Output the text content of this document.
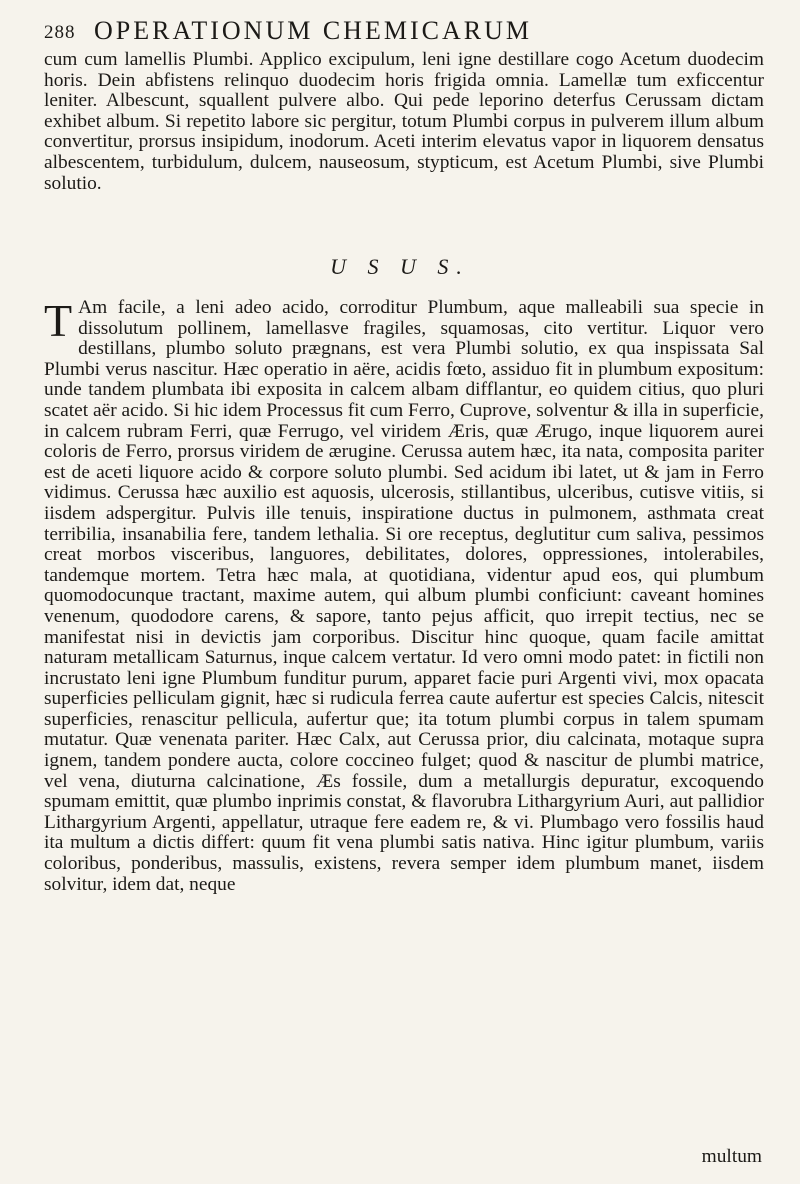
288 OPERATIONUM CHEMICARUM
cum cum lamellis Plumbi. Applico excipulum, leni igne destillare cogo Acetum duodecim horis. Dein abfistens relinquo duodecim horis frigida omnia. Lamellæ tum exficcentur leniter. Albescunt, squallent pulvere albo. Qui pede leporino deterfus Cerussam dictam exhibet album. Si repetito labore sic pergitur, totum Plumbi corpus in pulverem illum album convertitur, prorsus insipidum, inodorum. Aceti interim elevatus vapor in liquorem densatus albescentem, turbidulum, dulcem, nauseosum, stypticum, est Acetum Plumbi, sive Plumbi solutio.
U S U S.
T Am facile, a leni adeo acido, corroditur Plumbum, aque malleabili sua specie in dissolutum pollinem, lamellasve fragiles, squamosas, cito vertitur. Liquor vero destillans, plumbo soluto prægnans, est vera Plumbi solutio, ex qua inspissata Sal Plumbi verus nascitur. Hæc operatio in aëre, acidis fœto, assiduo fit in plumbum expositum: unde tandem plumbata ibi exposita in calcem albam difflantur, eo quidem citius, quo pluri scatet aër acido. Si hic idem Processus fit cum Ferro, Cuprove, solventur & illa in superficie, in calcem rubram Ferri, quæ Ferrugo, vel viridem Æris, quæ Ærugo, inque liquorem aurei coloris de Ferro, prorsus viridem de ærugine. Cerussa autem hæc, ita nata, composita pariter est de aceti liquore acido & corpore soluto plumbi. Sed acidum ibi latet, ut & jam in Ferro vidimus. Cerussa hæc auxilio est aquosis, ulcerosis, stillantibus, ulceribus, cutisve vitiis, si iisdem adspergitur. Pulvis ille tenuis, inspiratione ductus in pulmonem, asthmata creat terribilia, insanabilia fere, tandem lethalia. Si ore receptus, deglutitur cum saliva, pessimos creat morbos visceribus, languores, debilitates, dolores, oppressiones, intolerabiles, tandemque mortem. Tetra hæc mala, at quotidiana, videntur apud eos, qui plumbum quomodocunque tractant, maxime autem, qui album plumbi conficiunt: caveant homines venenum, quododore carens, & sapore, tanto pejus afficit, quo irrepit tectius, nec se manifestat nisi in devictis jam corporibus. Discitur hinc quoque, quam facile amittat naturam metallicam Saturnus, inque calcem vertatur. Id vero omni modo patet: in fictili non incrustato leni igne Plumbum funditur purum, apparet facie puri Argenti vivi, mox opacata superficies pelliculam gignit, hæc si rudicula ferrea caute aufertur est species Calcis, nitescit superficies, renascitur pellicula, aufertur que; ita totum plumbi corpus in talem spumam mutatur. Quæ venenata pariter. Hæc Calx, aut Cerussa prior, diu calcinata, motaque supra ignem, tandem pondere aucta, colore coccineo fulget; quod & nascitur de plumbi matrice, vel vena, diuturna calcinatione, Æs fossile, dum a metallurgis depuratur, excoquendo spumam emittit, quæ plumbo inprimis constat, & flavorubra Lithargyrium Auri, aut pallidior Lithargyrium Argenti, appellatur, utraque fere eadem re, & vi. Plumbago vero fossilis haud ita multum a dictis differt: quum fit vena plumbi satis nativa. Hinc igitur plumbum, variis coloribus, ponderibus, massulis, existens, revera semper idem plumbum manet, iisdem solvitur, idem dat, neque
multum
